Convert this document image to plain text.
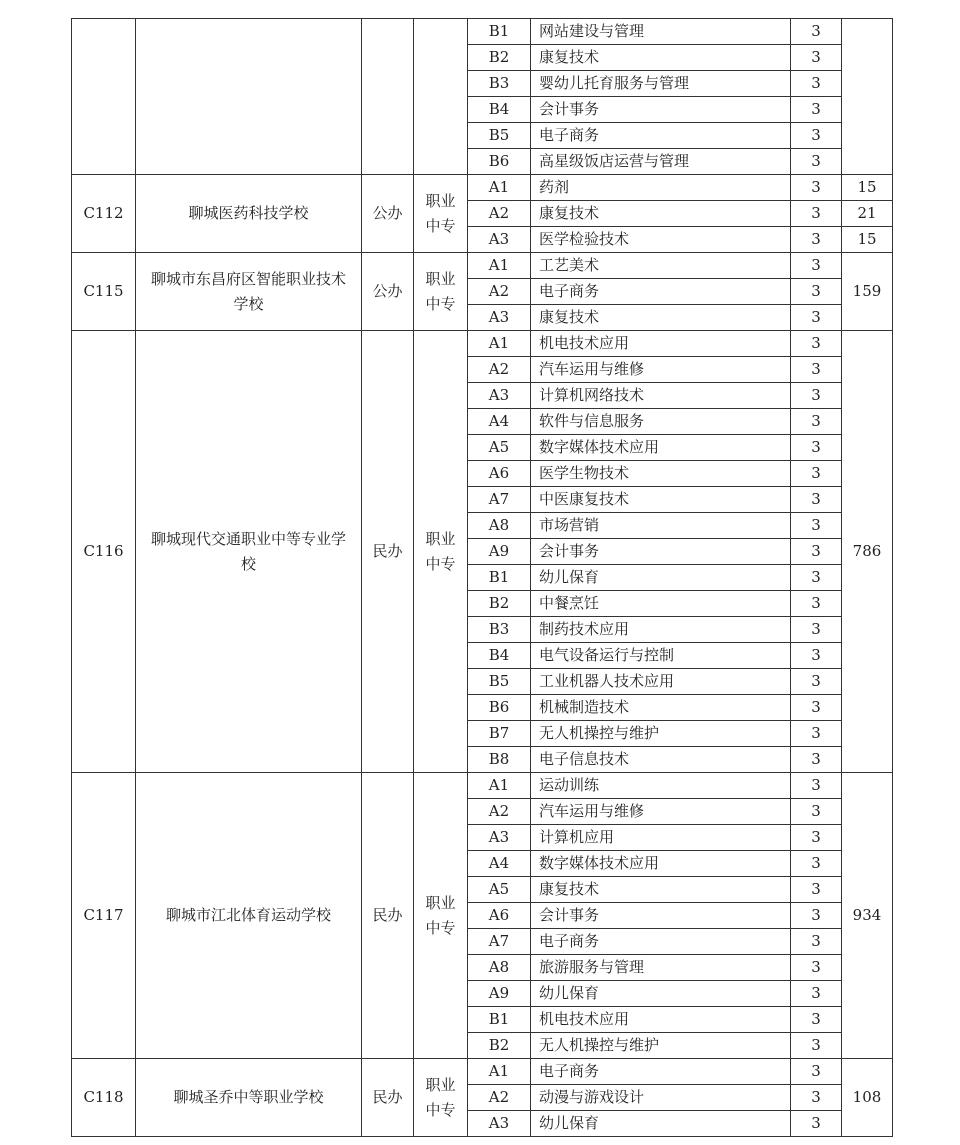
				B1	网站建设与管理	3	
				B2	康复技术	3	
				B3	婴幼儿托育服务与管理	3	
				B4	会计事务	3	
				B5	电子商务	3	
				B6	高星级饭店运营与管理	3	
C112	聊城医药科技学校	公办	职业中专	A1	药剂	3	15
				A2	康复技术	3	21
				A3	医学检验技术	3	15
C115	聊城市东昌府区智能职业技术学校	公办	职业中专	A1	工艺美术	3	159
				A2	电子商务	3	
				A3	康复技术	3	
C116	聊城现代交通职业中等专业学校	民办	职业中专	A1	机电技术应用	3	786
				A2	汽车运用与维修	3	
				A3	计算机网络技术	3	
				A4	软件与信息服务	3	
				A5	数字媒体技术应用	3	
				A6	医学生物技术	3	
				A7	中医康复技术	3	
				A8	市场营销	3	
				A9	会计事务	3	
				B1	幼儿保育	3	
				B2	中餐烹饪	3	
				B3	制药技术应用	3	
				B4	电气设备运行与控制	3	
				B5	工业机器人技术应用	3	
				B6	机械制造技术	3	
				B7	无人机操控与维护	3	
				B8	电子信息技术	3	
C117	聊城市江北体育运动学校	民办	职业中专	A1	运动训练	3	934
				A2	汽车运用与维修	3	
				A3	计算机应用	3	
				A4	数字媒体技术应用	3	
				A5	康复技术	3	
				A6	会计事务	3	
				A7	电子商务	3	
				A8	旅游服务与管理	3	
				A9	幼儿保育	3	
				B1	机电技术应用	3	
				B2	无人机操控与维护	3	
C118	聊城圣乔中等职业学校	民办	职业中专	A1	电子商务	3	108
				A2	动漫与游戏设计	3	
				A3	幼儿保育	3	
